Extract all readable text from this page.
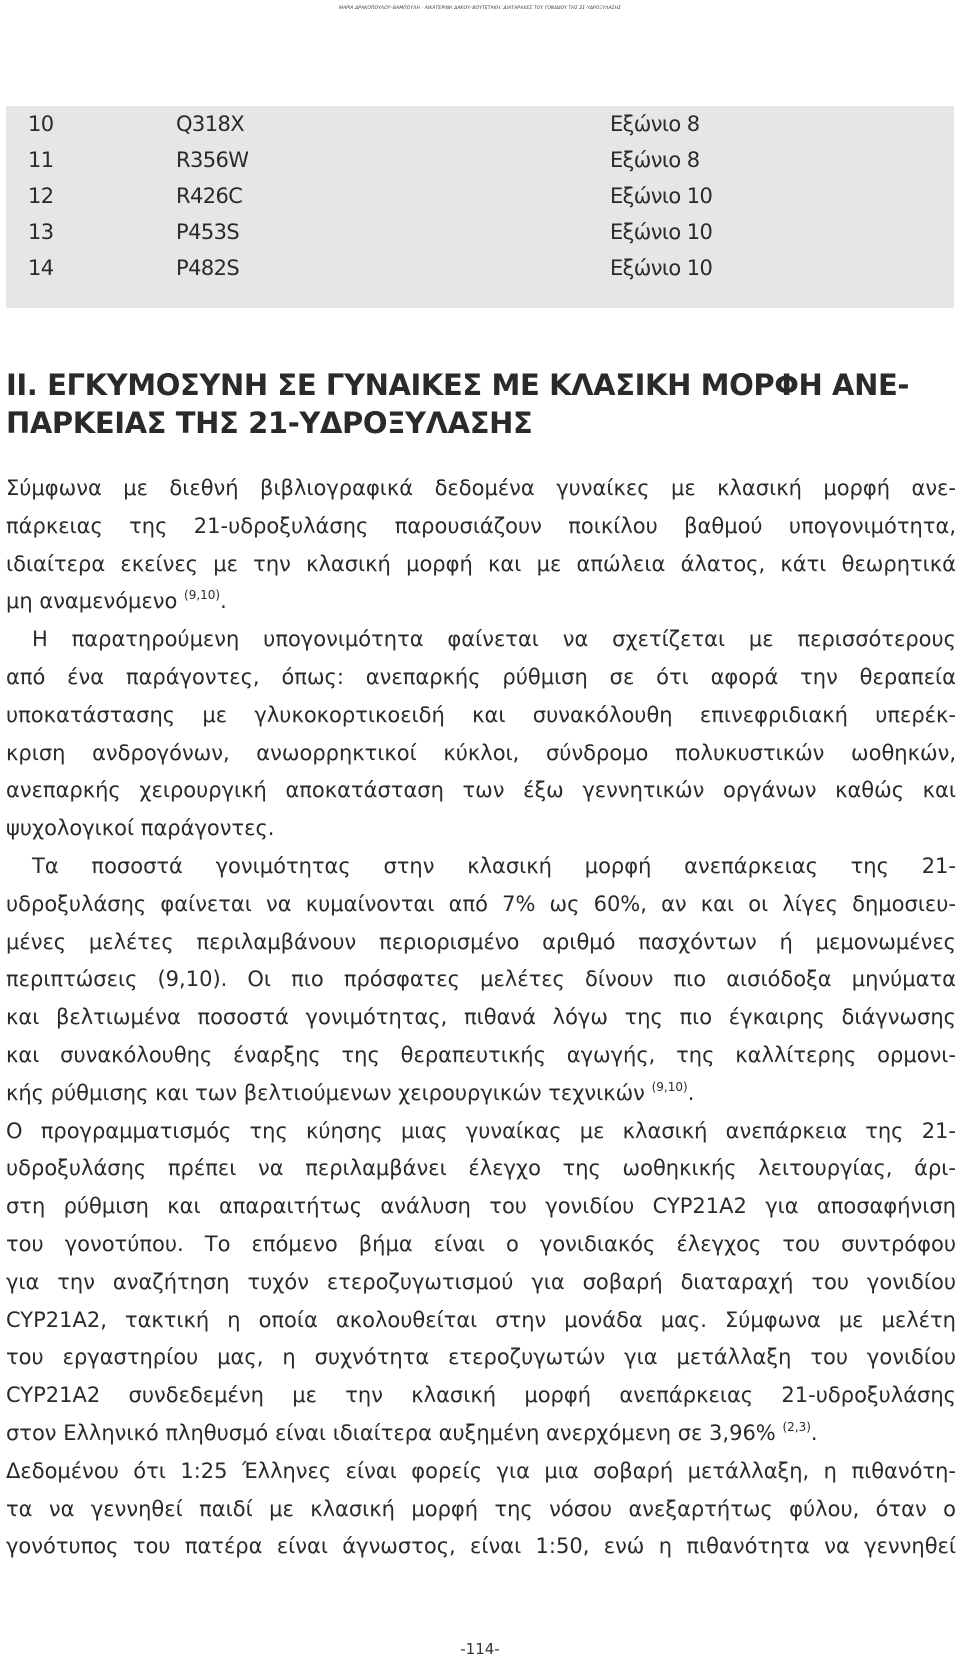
ΜΑΡΙΑ ΔΡΑΚΟΠΟΥΛΟΥ–ΒΑΜΠΟΥΛΗ - ΑΙΚΑΤΕΡΙΝΗ ΔΑΚΟΥ–ΒΟΥΤΕΤΑΚΗ: ΔΙΑΤΑΡΑΧΕΣ ΤΟΥ ΓΟΝΙΔΙΟΥ ΤΗΣ 21-ΥΔΡΟΞΥΛΑΣΗΣ
10	Q318X	Εξώνιο 8
11	R356W	Εξώνιο 8
12	R426C	Εξώνιο 10
13	P453S	Εξώνιο 10
14	P482S	Εξώνιο 10
II. ΕΓΚΥΜΟΣΥΝΗ ΣΕ ΓΥΝΑΙΚΕΣ ΜΕ ΚΛΑΣΙΚΗ ΜΟΡΦΗ ΑΝΕ-
ΠΑΡΚΕΙΑΣ ΤΗΣ 21-ΥΔΡΟΞΥΛΑΣΗΣ
Σύμφωνα με διεθνή βιβλιογραφικά δεδομένα γυναίκες με κλασική μορφή ανε-
πάρκειας της 21-υδροξυλάσης παρουσιάζουν ποικίλου βαθμού υπογονιμότητα,
ιδιαίτερα εκείνες με την κλασική μορφή και με απώλεια άλατος, κάτι θεωρητικά
μη αναμενόμενο $^{(9,10)}$.
Η παρατηρούμενη υπογονιμότητα φαίνεται να σχετίζεται με περισσότερους
από ένα παράγοντες, όπως: ανεπαρκής ρύθμιση σε ότι αφορά την θεραπεία
υποκατάστασης με γλυκοκορτικοειδή και συνακόλουθη επινεφριδιακή υπερέκ-
κριση ανδρογόνων, ανωορρηκτικοί κύκλοι, σύνδρομο πολυκυστικών ωοθηκών,
ανεπαρκής χειρουργική αποκατάσταση των έξω γεννητικών οργάνων καθώς και
ψυχολογικοί παράγοντες.
Τα ποσοστά γονιμότητας στην κλασική μορφή ανεπάρκειας της 21-
υδροξυλάσης φαίνεται να κυμαίνονται από 7% ως 60%, αν και οι λίγες δημοσιευ-
μένες μελέτες περιλαμβάνουν περιορισμένο αριθμό πασχόντων ή μεμονωμένες
περιπτώσεις (9,10). Οι πιο πρόσφατες μελέτες δίνουν πιο αισιόδοξα μηνύματα
και βελτιωμένα ποσοστά γονιμότητας, πιθανά λόγω της πιο έγκαιρης διάγνωσης
και συνακόλουθης έναρξης της θεραπευτικής αγωγής, της καλλίτερης ορμονι-
κής ρύθμισης και των βελτιούμενων χειρουργικών τεχνικών $^{(9,10)}$.
Ο προγραμματισμός της κύησης μιας γυναίκας με κλασική ανεπάρκεια της 21-
υδροξυλάσης πρέπει να περιλαμβάνει έλεγχο της ωοθηκικής λειτουργίας, άρι-
στη ρύθμιση και απαραιτήτως ανάλυση του γονιδίου CYP21A2 για αποσαφήνιση
του γονοτύπου. Το επόμενο βήμα είναι ο γονιδιακός έλεγχος του συντρόφου
για την αναζήτηση τυχόν ετεροζυγωτισμού για σοβαρή διαταραχή του γονιδίου
CYP21A2, τακτική η οποία ακολουθείται στην μονάδα μας. Σύμφωνα με μελέτη
του εργαστηρίου μας, η συχνότητα ετεροζυγωτών για μετάλλαξη του γονιδίου
CYP21A2 συνδεδεμένη με την κλασική μορφή ανεπάρκειας 21-υδροξυλάσης
στον Ελληνικό πληθυσμό είναι ιδιαίτερα αυξημένη ανερχόμενη σε 3,96% $^{(2,3)}$.
Δεδομένου ότι 1:25 Έλληνες είναι φορείς για μια σοβαρή μετάλλαξη, η πιθανότη-
τα να γεννηθεί παιδί με κλασική μορφή της νόσου ανεξαρτήτως φύλου, όταν ο
γονότυπος του πατέρα είναι άγνωστος, είναι 1:50, ενώ η πιθανότητα να γεννηθεί
-114-
